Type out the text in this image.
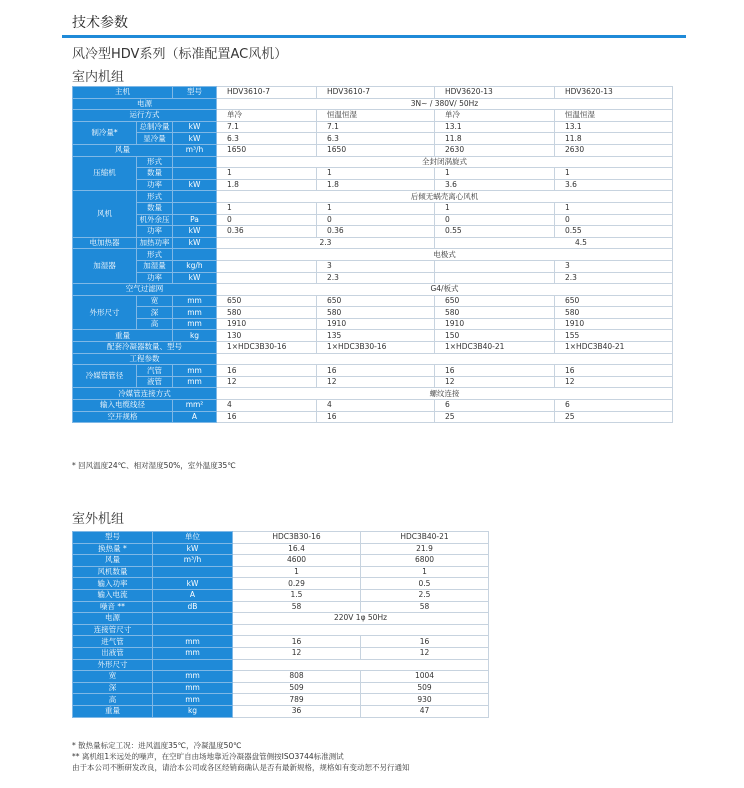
技术参数
风冷型HDV系列（标准配置AC风机）
室内机组
主机		型号	HDV3610-7	HDV3610-7	HDV3620-13	HDV3620-13
电源			3N~ / 380V/ 50Hz			
运行方式			单冷	恒温恒湿	单冷	恒温恒湿
制冷量*	总制冷量	kW	7.1	7.1	13.1	13.1
	显冷量	kW	6.3	6.3	11.8	11.8
风量		m³/h	1650	1650	2630	2630
压缩机	形式		全封闭涡旋式			
	数量		1	1	1	1
	功率	kW	1.8	1.8	3.6	3.6
风机	形式		后倾无蜗壳离心风机			
	数量		1	1	1	1
	机外余压	Pa	0	0	0	0
	功率	kW	0.36	0.36	0.55	0.55
电加热器	加热功率	kW	2.3		4.5	
加湿器	形式		电极式			
	加湿量	kg/h		3		3
	功率	kW		2.3		2.3
空气过滤网			G4/板式			
外形尺寸	宽	mm	650	650	650	650
	深	mm	580	580	580	580
	高	mm	1910	1910	1910	1910
重量		kg	130	135	150	155
配套冷凝器数量、型号			1×HDC3B30-16	1×HDC3B30-16	1×HDC3B40-21	1×HDC3B40-21
工程参数						
冷媒管管径	汽管	mm	16	16	16	16
	液管	mm	12	12	12	12
冷媒管连接方式			螺纹连接			
输入电缆线径		mm²	4	4	6	6
空开规格		A	16	16	25	25
* 回风温度24℃、相对湿度50%，室外温度35℃
室外机组
型号	单位	HDC3B30-16	HDC3B40-21
换热量 *	kW	16.4	21.9
风量	m³/h	4600	6800
风机数量		1	1
输入功率	kW	0.29	0.5
输入电流	A	1.5	2.5
噪音 **	dB	58	58
电源		220V 1φ 50Hz	
连接管尺寸			
进气管	mm	16	16
出液管	mm	12	12
外形尺寸			
宽	mm	808	1004
深	mm	509	509
高	mm	789	930
重量	kg	36	47
* 散热量标定工况：进风温度35℃，冷凝温度50℃
** 离机组1米远处的噪声，在空旷自由场地靠近冷凝器盘管侧按ISO3744标准测试
由于本公司不断研发改良，请洽本公司或各区经销商确认是否有最新规格，规格如有变动恕不另行通知
